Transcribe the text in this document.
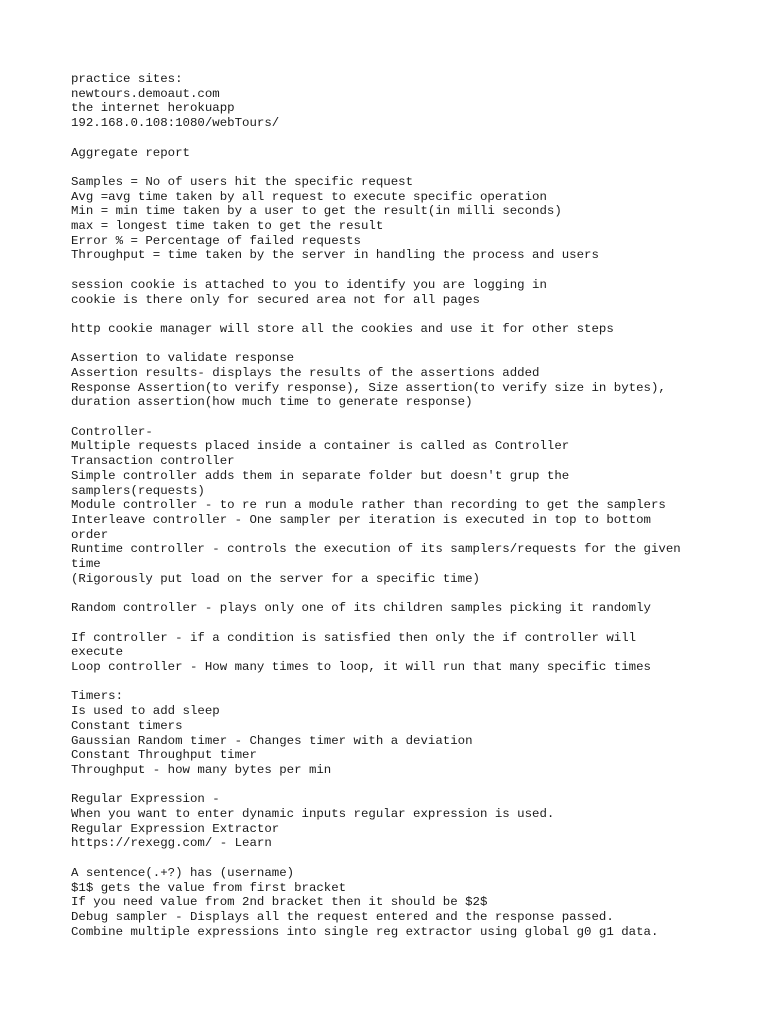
practice sites:
newtours.demoaut.com
the internet herokuapp
192.168.0.108:1080/webTours/
Aggregate report
Samples = No of users hit the specific request
Avg =avg time taken by all request to execute specific operation
Min = min time taken by a user to get the result(in milli seconds)
max = longest time taken to get the result
Error % = Percentage of failed requests
Throughput = time taken by the server in handling the process and users
session cookie is attached to you to identify you are logging in
cookie is there only for secured area not for all pages
http cookie manager will store all the cookies and use it for other steps
Assertion to validate response
Assertion results- displays the results of the assertions added
Response Assertion(to verify response), Size assertion(to verify size in bytes),
duration assertion(how much time to generate response)
Controller-
Multiple requests placed inside a container is called as Controller
Transaction controller
Simple controller adds them in separate folder but doesn't grup the
samplers(requests)
Module controller - to re run a module rather than recording to get the samplers
Interleave controller - One sampler per iteration is executed in top to bottom
order
Runtime controller - controls the execution of its samplers/requests for the given
time
(Rigorously put load on the server for a specific time)
Random controller - plays only one of its children samples picking it randomly
If controller - if a condition is satisfied then only the if controller will
execute
Loop controller - How many times to loop, it will run that many specific times
Timers:
Is used to add sleep
Constant timers
Gaussian Random timer - Changes timer with a deviation
Constant Throughput timer
Throughput - how many bytes per min
Regular Expression -
When you want to enter dynamic inputs regular expression is used.
Regular Expression Extractor
https://rexegg.com/ - Learn
A sentence(.+?) has (username)
$1$ gets the value from first bracket
If you need value from 2nd bracket then it should be $2$
Debug sampler - Displays all the request entered and the response passed.
Combine multiple expressions into single reg extractor using global g0 g1 data.
